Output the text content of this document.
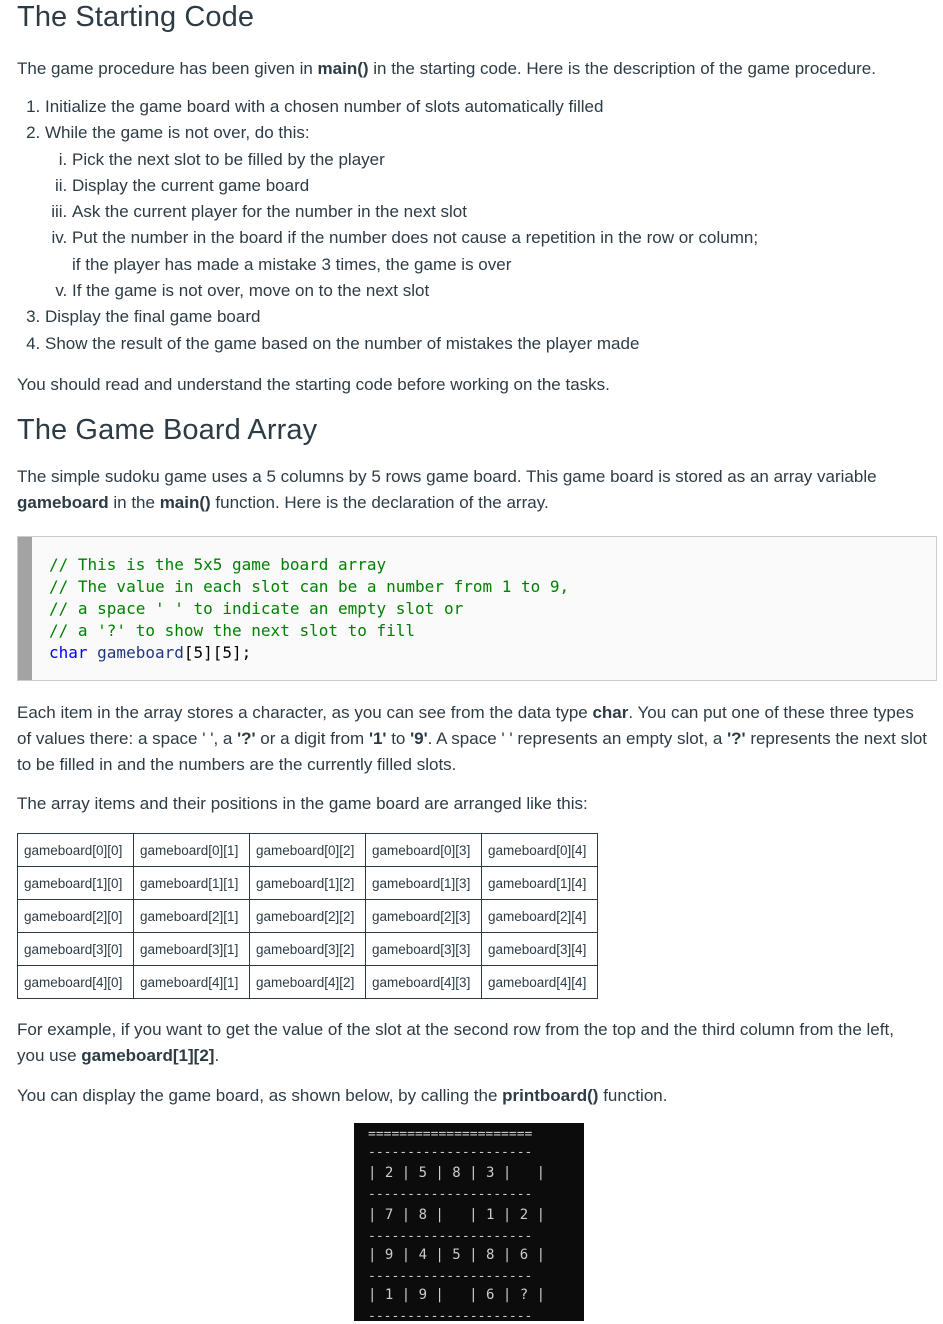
The Starting Code

The game procedure has been given in main() in the starting code. Here is the description of the game procedure.

1. Initialize the game board with a chosen number of slots automatically filled
2. While the game is not over, do this:
i. Pick the next slot to be filled by the player
ii. Display the current game board
iii. Ask the current player for the number in the next slot
iv. Put the number in the board if the number does not cause a repetition in the row or column;
if the player has made a mistake 3 times, the game is over
v. If the game is not over, move on to the next slot
3. Display the final game board
4. Show the result of the game based on the number of mistakes the player made

You should read and understand the starting code before working on the tasks.

The Game Board Array

The simple sudoku game uses a 5 columns by 5 rows game board. This game board is stored as an array variable
gameboard in the main() function. Here is the declaration of the array.

// This is the 5x5 game board array
// The value in each slot can be a number from 1 to 9,
// a space ' ' to indicate an empty slot or
// a '?' to show the next slot to fill
char gameboard[5][5];

Each item in the array stores a character, as you can see from the data type char. You can put one of these three types
of values there: a space ' ', a '?' or a digit from '1' to '9'. A space ' ' represents an empty slot, a '?' represents the next slot
to be filled in and the numbers are the currently filled slots.

The array items and their positions in the game board are arranged like this:

gameboard[0][0]	gameboard[0][1]	gameboard[0][2]	gameboard[0][3]	gameboard[0][4]
gameboard[1][0]	gameboard[1][1]	gameboard[1][2]	gameboard[1][3]	gameboard[1][4]
gameboard[2][0]	gameboard[2][1]	gameboard[2][2]	gameboard[2][3]	gameboard[2][4]
gameboard[3][0]	gameboard[3][1]	gameboard[3][2]	gameboard[3][3]	gameboard[3][4]
gameboard[4][0]	gameboard[4][1]	gameboard[4][2]	gameboard[4][3]	gameboard[4][4]

For example, if you want to get the value of the slot at the second row from the top and the third column from the left,
you use gameboard[1][2].

You can display the game board, as shown below, by calling the printboard() function.

=====================
---------------------
| 2 | 5 | 8 | 3 |   |
---------------------
| 7 | 8 |   | 1 | 2 |
---------------------
| 9 | 4 | 5 | 8 | 6 |
---------------------
| 1 | 9 |   | 6 | ? |
---------------------
